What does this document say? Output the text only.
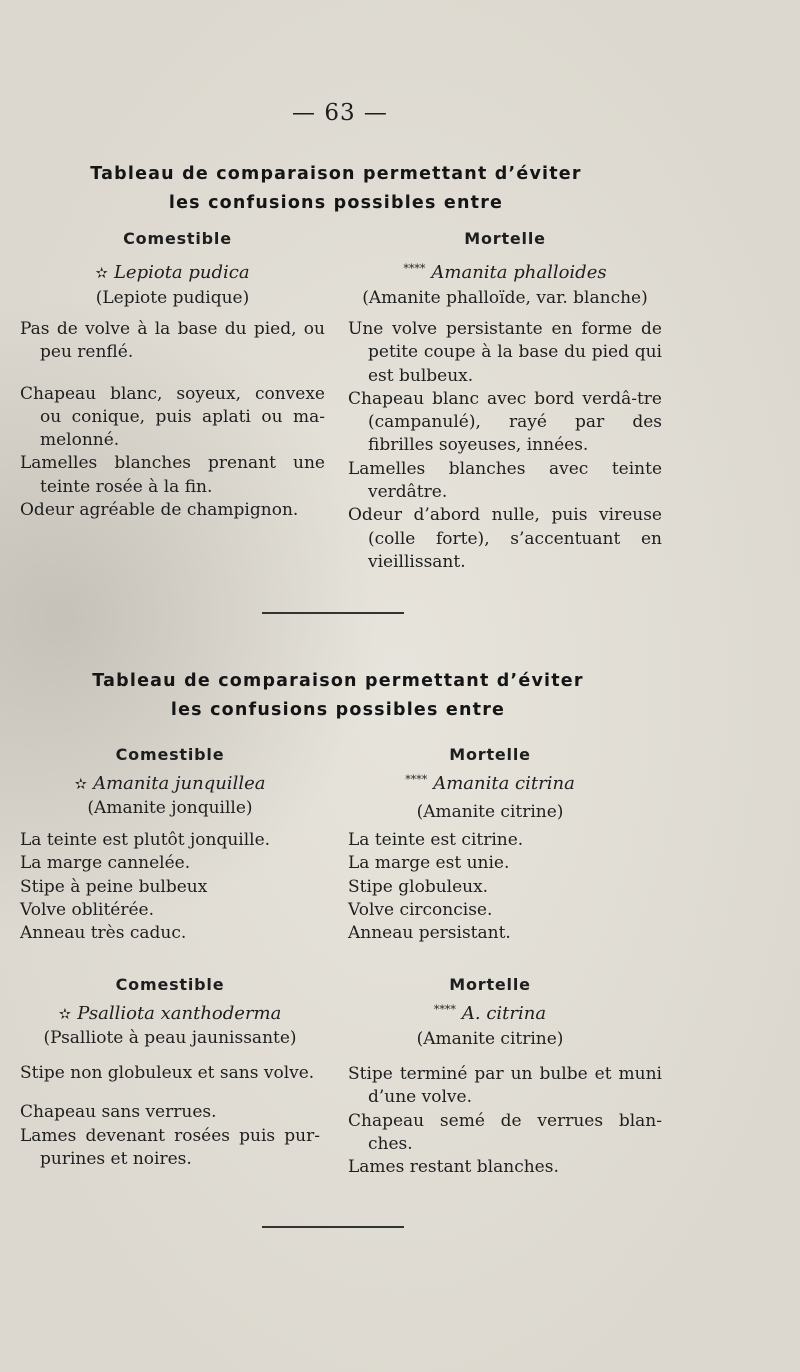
— 63 —
Tableau de comparaison permettant d’éviter
les confusions possibles entre
Comestible
✫ Lepiota pudica
(Lepiote pudique)
Pas de volve à la base du pied, ou peu renflé.
Chapeau blanc, soyeux, convexe ou conique, puis aplati ou ma-melonné.
Lamelles blanches prenant une teinte rosée à la fin.
Odeur agréable de champignon.
Mortelle
**** Amanita phalloides
(Amanite phalloïde, var. blanche)
Une volve persistante en forme de petite coupe à la base du pied qui est bulbeux.
Chapeau blanc avec bord verdâ-tre (campanulé), rayé par des fibrilles soyeuses, innées.
Lamelles blanches avec teinte verdâtre.
Odeur d’abord nulle, puis vireuse (colle forte), s’accentuant en vieillissant.
Tableau de comparaison permettant d’éviter
les confusions possibles entre
Comestible
✫ Amanita junquillea
(Amanite jonquille)
La teinte est plutôt jonquille.
La marge cannelée.
Stipe à peine bulbeux
Volve oblitérée.
Anneau très caduc.
Mortelle
**** Amanita citrina
(Amanite citrine)
La teinte est citrine.
La marge est unie.
Stipe globuleux.
Volve circoncise.
Anneau persistant.
Comestible
✫ Psalliota xanthoderma
(Psalliote à peau jaunissante)
Stipe non globuleux et sans volve.
Chapeau sans verrues.
Lames devenant rosées puis pur-purines et noires.
Mortelle
**** A. citrina
(Amanite citrine)
Stipe terminé par un bulbe et muni d’une volve.
Chapeau semé de verrues blan-ches.
Lames restant blanches.
